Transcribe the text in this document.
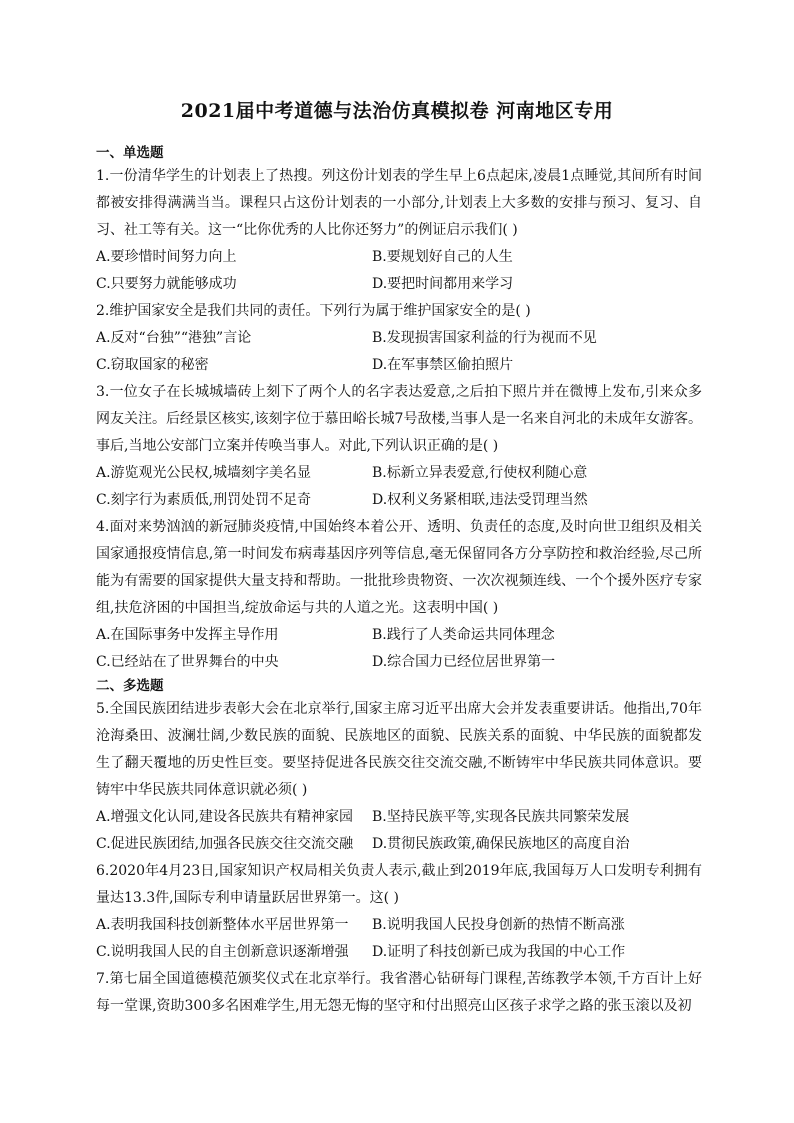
2021届中考道德与法治仿真模拟卷 河南地区专用
一、单选题

1.一份清华学生的计划表上了热搜。列这份计划表的学生早上6点起床,凌晨1点睡觉,其间所有时间都被安排得满满当当。课程只占这份计划表的一小部分,计划表上大多数的安排与预习、复习、自习、社工等有关。这一“比你优秀的人比你还努力”的例证启示我们( )

A.要珍惜时间努力向上	B.要规划好自己的人生
C.只要努力就能够成功	D.要把时间都用来学习

2.维护国家安全是我们共同的责任。下列行为属于维护国家安全的是( )

A.反对“台独”“港独”言论	B.发现损害国家利益的行为视而不见
C.窃取国家的秘密	D.在军事禁区偷拍照片

3.一位女子在长城城墙砖上刻下了两个人的名字表达爱意,之后拍下照片并在微博上发布,引来众多网友关注。后经景区核实,该刻字位于慕田峪长城7号敌楼,当事人是一名来自河北的未成年女游客。事后,当地公安部门立案并传唤当事人。对此,下列认识正确的是( )

A.游览观光公民权,城墙刻字美名显	B.标新立异表爱意,行使权利随心意
C.刻字行为素质低,刑罚处罚不足奇	D.权利义务紧相联,违法受罚理当然

4.面对来势汹汹的新冠肺炎疫情,中国始终本着公开、透明、负责任的态度,及时向世卫组织及相关国家通报疫情信息,第一时间发布病毒基因序列等信息,毫无保留同各方分享防控和救治经验,尽己所能为有需要的国家提供大量支持和帮助。一批批珍贵物资、一次次视频连线、一个个援外医疗专家组,扶危济困的中国担当,绽放命运与共的人道之光。这表明中国( )

A.在国际事务中发挥主导作用	B.践行了人类命运共同体理念
C.已经站在了世界舞台的中央	D.综合国力已经位居世界第一
二、多选题

5.全国民族团结进步表彰大会在北京举行,国家主席习近平出席大会并发表重要讲话。他指出,70年沧海桑田、波澜壮阔,少数民族的面貌、民族地区的面貌、民族关系的面貌、中华民族的面貌都发生了翻天覆地的历史性巨变。要坚持促进各民族交往交流交融,不断铸牢中华民族共同体意识。要铸牢中华民族共同体意识就必须( )

A.增强文化认同,建设各民族共有精神家园	B.坚持民族平等,实现各民族共同繁荣发展
C.促进民族团结,加强各民族交往交流交融	D.贯彻民族政策,确保民族地区的高度自治

6.2020年4月23日,国家知识产权局相关负责人表示,截止到2019年底,我国每万人口发明专利拥有量达13.3件,国际专利申请量跃居世界第一。这( )

A.表明我国科技创新整体水平居世界第一	B.说明我国人民投身创新的热情不断高涨
C.说明我国人民的自主创新意识逐渐增强	D.证明了科技创新已成为我国的中心工作

7.第七届全国道德模范颁奖仪式在北京举行。我省潜心钻研每门课程,苦练教学本领,千方百计上好每一堂课,资助300多名困难学生,用无怨无悔的坚守和付出照亮山区孩子求学之路的张玉滚以及初
